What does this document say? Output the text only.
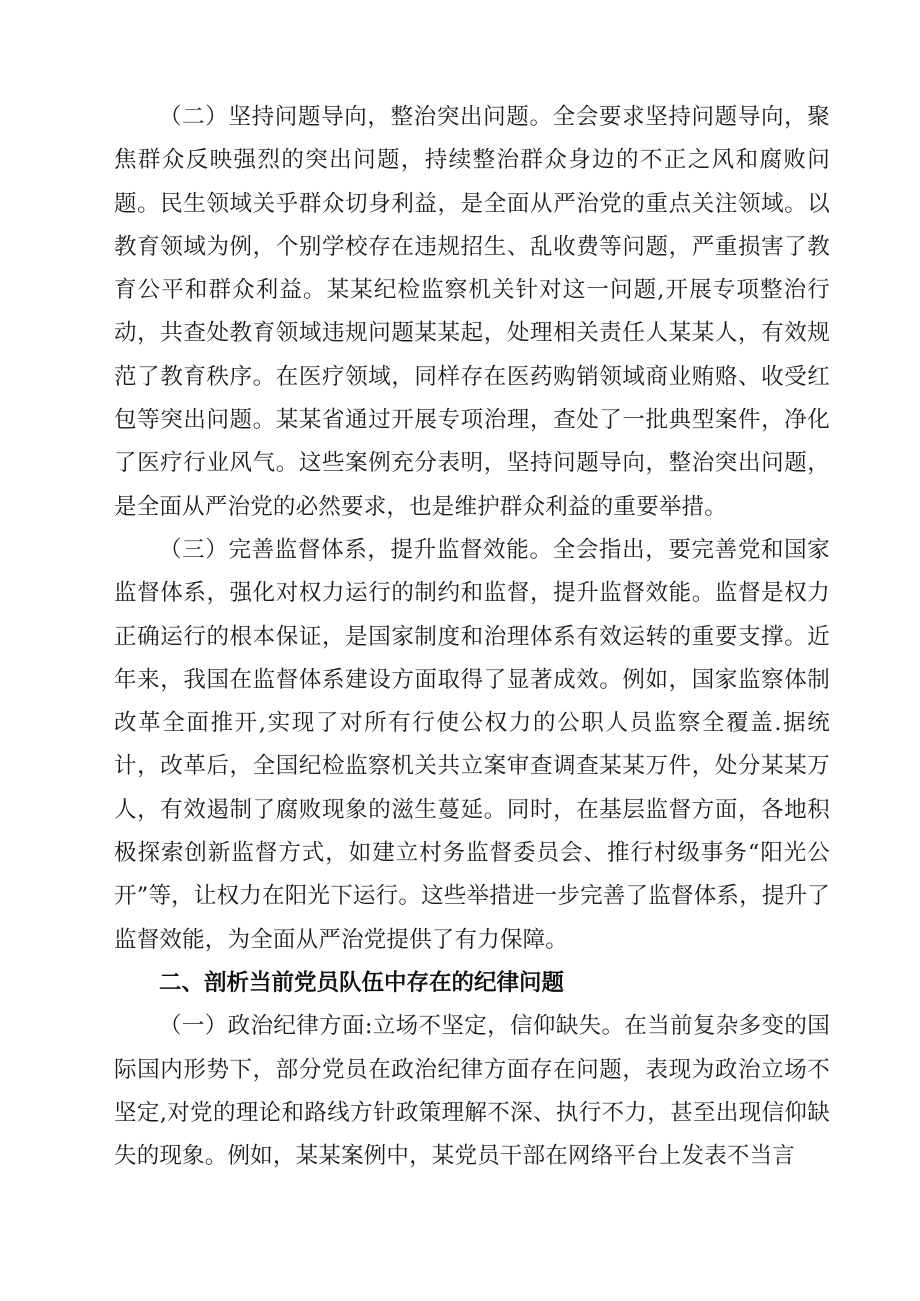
（二）坚持问题导向，整治突出问题。全会要求坚持问题导向，聚焦群众反映强烈的突出问题，持续整治群众身边的不正之风和腐败问题。民生领域关乎群众切身利益，是全面从严治党的重点关注领域。以教育领域为例，个别学校存在违规招生、乱收费等问题，严重损害了教育公平和群众利益。某某纪检监察机关针对这一问题,开展专项整治行动，共查处教育领域违规问题某某起，处理相关责任人某某人，有效规范了教育秩序。在医疗领域，同样存在医药购销领域商业贿赂、收受红包等突出问题。某某省通过开展专项治理，查处了一批典型案件，净化了医疗行业风气。这些案例充分表明，坚持问题导向，整治突出问题，是全面从严治党的必然要求，也是维护群众利益的重要举措。

（三）完善监督体系，提升监督效能。全会指出，要完善党和国家监督体系，强化对权力运行的制约和监督，提升监督效能。监督是权力正确运行的根本保证，是国家制度和治理体系有效运转的重要支撑。近年来，我国在监督体系建设方面取得了显著成效。例如，国家监察体制改革全面推开,实现了对所有行使公权力的公职人员监察全覆盖.据统计，改革后，全国纪检监察机关共立案审查调查某某万件，处分某某万人，有效遏制了腐败现象的滋生蔓延。同时，在基层监督方面，各地积极探索创新监督方式，如建立村务监督委员会、推行村级事务“阳光公开”等，让权力在阳光下运行。这些举措进一步完善了监督体系，提升了监督效能，为全面从严治党提供了有力保障。

二、剖析当前党员队伍中存在的纪律问题

（一）政治纪律方面:立场不坚定，信仰缺失。在当前复杂多变的国际国内形势下，部分党员在政治纪律方面存在问题，表现为政治立场不坚定,对党的理论和路线方针政策理解不深、执行不力，甚至出现信仰缺失的现象。例如，某某案例中，某党员干部在网络平台上发表不当言
